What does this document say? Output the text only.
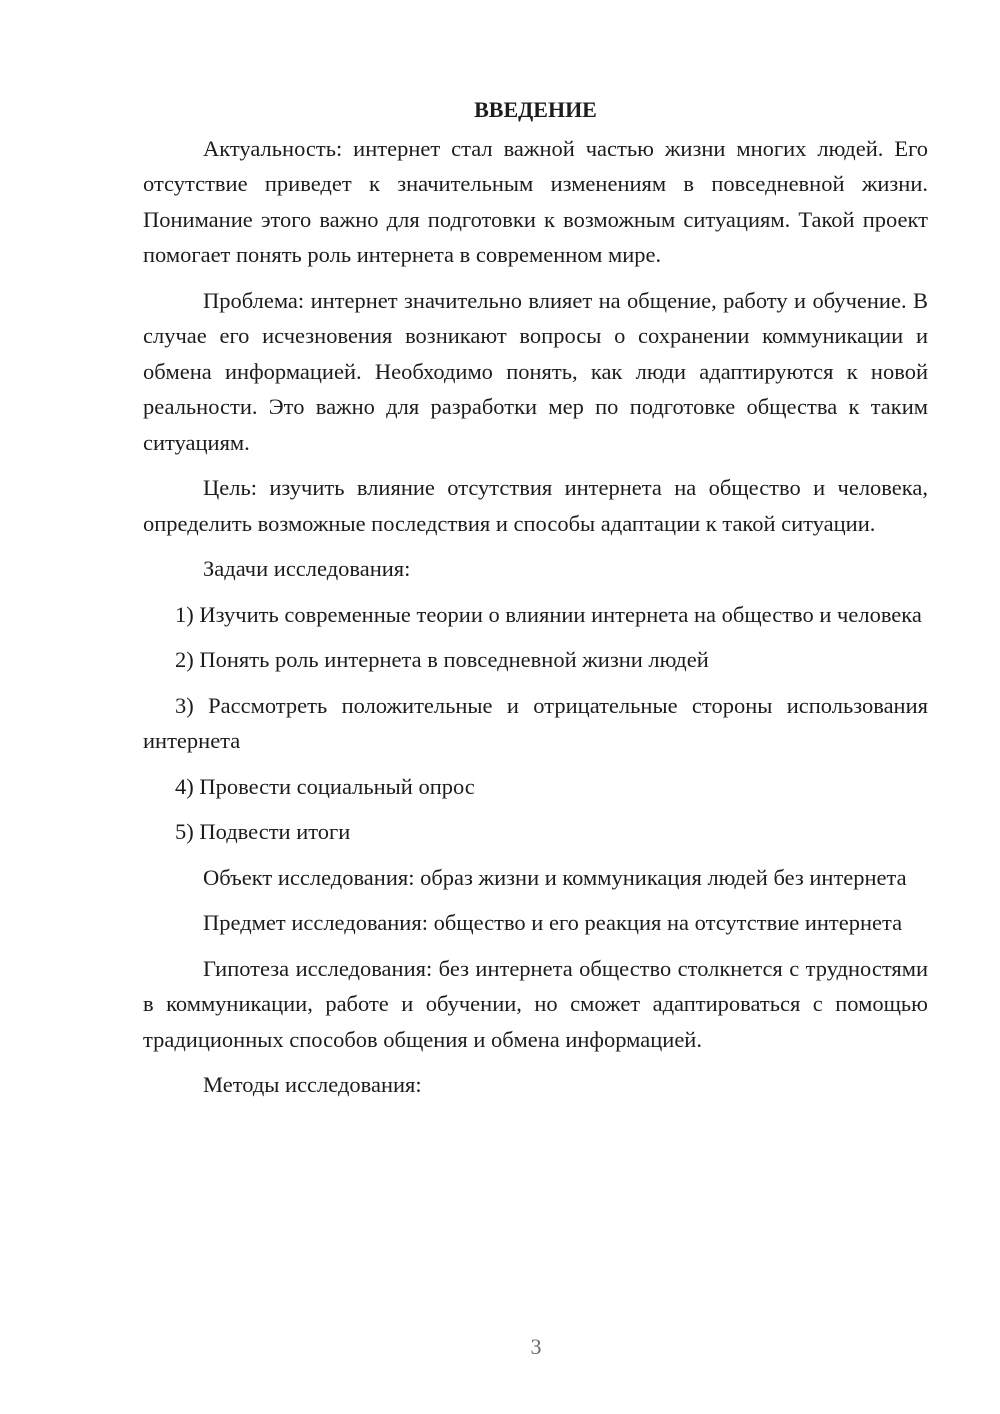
ВВЕДЕНИЕ
Актуальность: интернет стал важной частью жизни многих людей. Его отсутствие приведет к значительным изменениям в повседневной жизни. Понимание этого важно для подготовки к возможным ситуациям. Такой проект помогает понять роль интернета в современном мире.
Проблема: интернет значительно влияет на общение, работу и обучение. В случае его исчезновения возникают вопросы о сохранении коммуникации и обмена информацией. Необходимо понять, как люди адаптируются к новой реальности. Это важно для разработки мер по подготовке общества к таким ситуациям.
Цель: изучить влияние отсутствия интернета на общество и человека, определить возможные последствия и способы адаптации к такой ситуации.
Задачи исследования:
1) Изучить современные теории о влиянии интернета на общество и человека
2) Понять роль интернета в повседневной жизни людей
3) Рассмотреть положительные и отрицательные стороны использования интернета
4) Провести социальный опрос
5) Подвести итоги
Объект исследования: образ жизни и коммуникация людей без интернета
Предмет исследования: общество и его реакция на отсутствие интернета
Гипотеза исследования: без интернета общество столкнется с трудностями в коммуникации, работе и обучении, но сможет адаптироваться с помощью традиционных способов общения и обмена информацией.
Методы исследования:
3
